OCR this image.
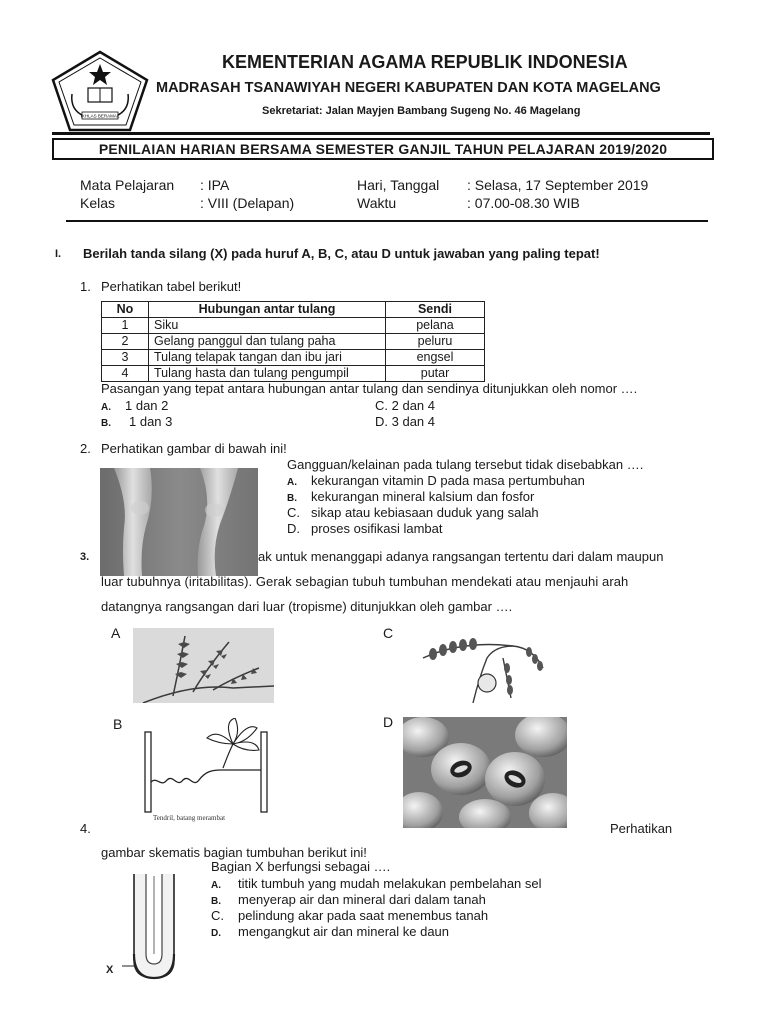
IKHLAS BERAMAL
KEMENTERIAN AGAMA REPUBLIK INDONESIA
MADRASAH TSANAWIYAH NEGERI KABUPATEN DAN KOTA MAGELANG
Sekretariat: Jalan Mayjen Bambang Sugeng No. 46 Magelang
PENILAIAN HARIAN BERSAMA SEMESTER GANJIL TAHUN PELAJARAN 2019/2020
Mata Pelajaran : IPA	Hari, Tanggal : Selasa, 17 September 2019
Kelas	: VIII (Delapan)	Waktu	: 07.00-08.30 WIB
I. Berilah tanda silang (X) pada huruf A, B, C, atau D untuk jawaban yang paling tepat!
1. Perhatikan tabel berikut!
No	Hubungan antar tulang	Sendi
1	Siku	pelana
2	Gelang panggul dan tulang paha	peluru
3	Tulang telapak tangan dan ibu jari	engsel
4	Tulang hasta dan tulang pengumpil	putar
Pasangan yang tepat antara hubungan antar tulang dan sendinya ditunjukkan oleh nomor ….
A. 1 dan 2
B. 1 dan 3
C. 2 dan 4
D. 3 dan 4
2. Perhatikan gambar di bawah ini!
Gangguan/kelainan pada tulang tersebut tidak disebabkan ….
A. kekurangan vitamin D pada masa pertumbuhan
B. kekurangan mineral kalsium dan fosfor
C. sikap atau kebiasaan duduk yang salah
D. proses osifikasi lambat
3.	ak untuk menanggapi adanya rangsangan tertentu dari dalam maupun
luar tubuhnya (iritabilitas). Gerak sebagian tubuh tumbuhan mendekati atau menjauhi arah
datangnya rangsangan dari luar (tropisme) ditunjukkan oleh gambar ….
A	C
B
Tendril, batang merambat
D
4.	Perhatikan
gambar skematis bagian tumbuhan berikut ini!
X
Bagian X berfungsi sebagai ….
A. titik tumbuh yang mudah melakukan pembelahan sel
B. menyerap air dan mineral dari dalam tanah
C. pelindung akar pada saat menembus tanah
D. mengangkut air dan mineral ke daun
